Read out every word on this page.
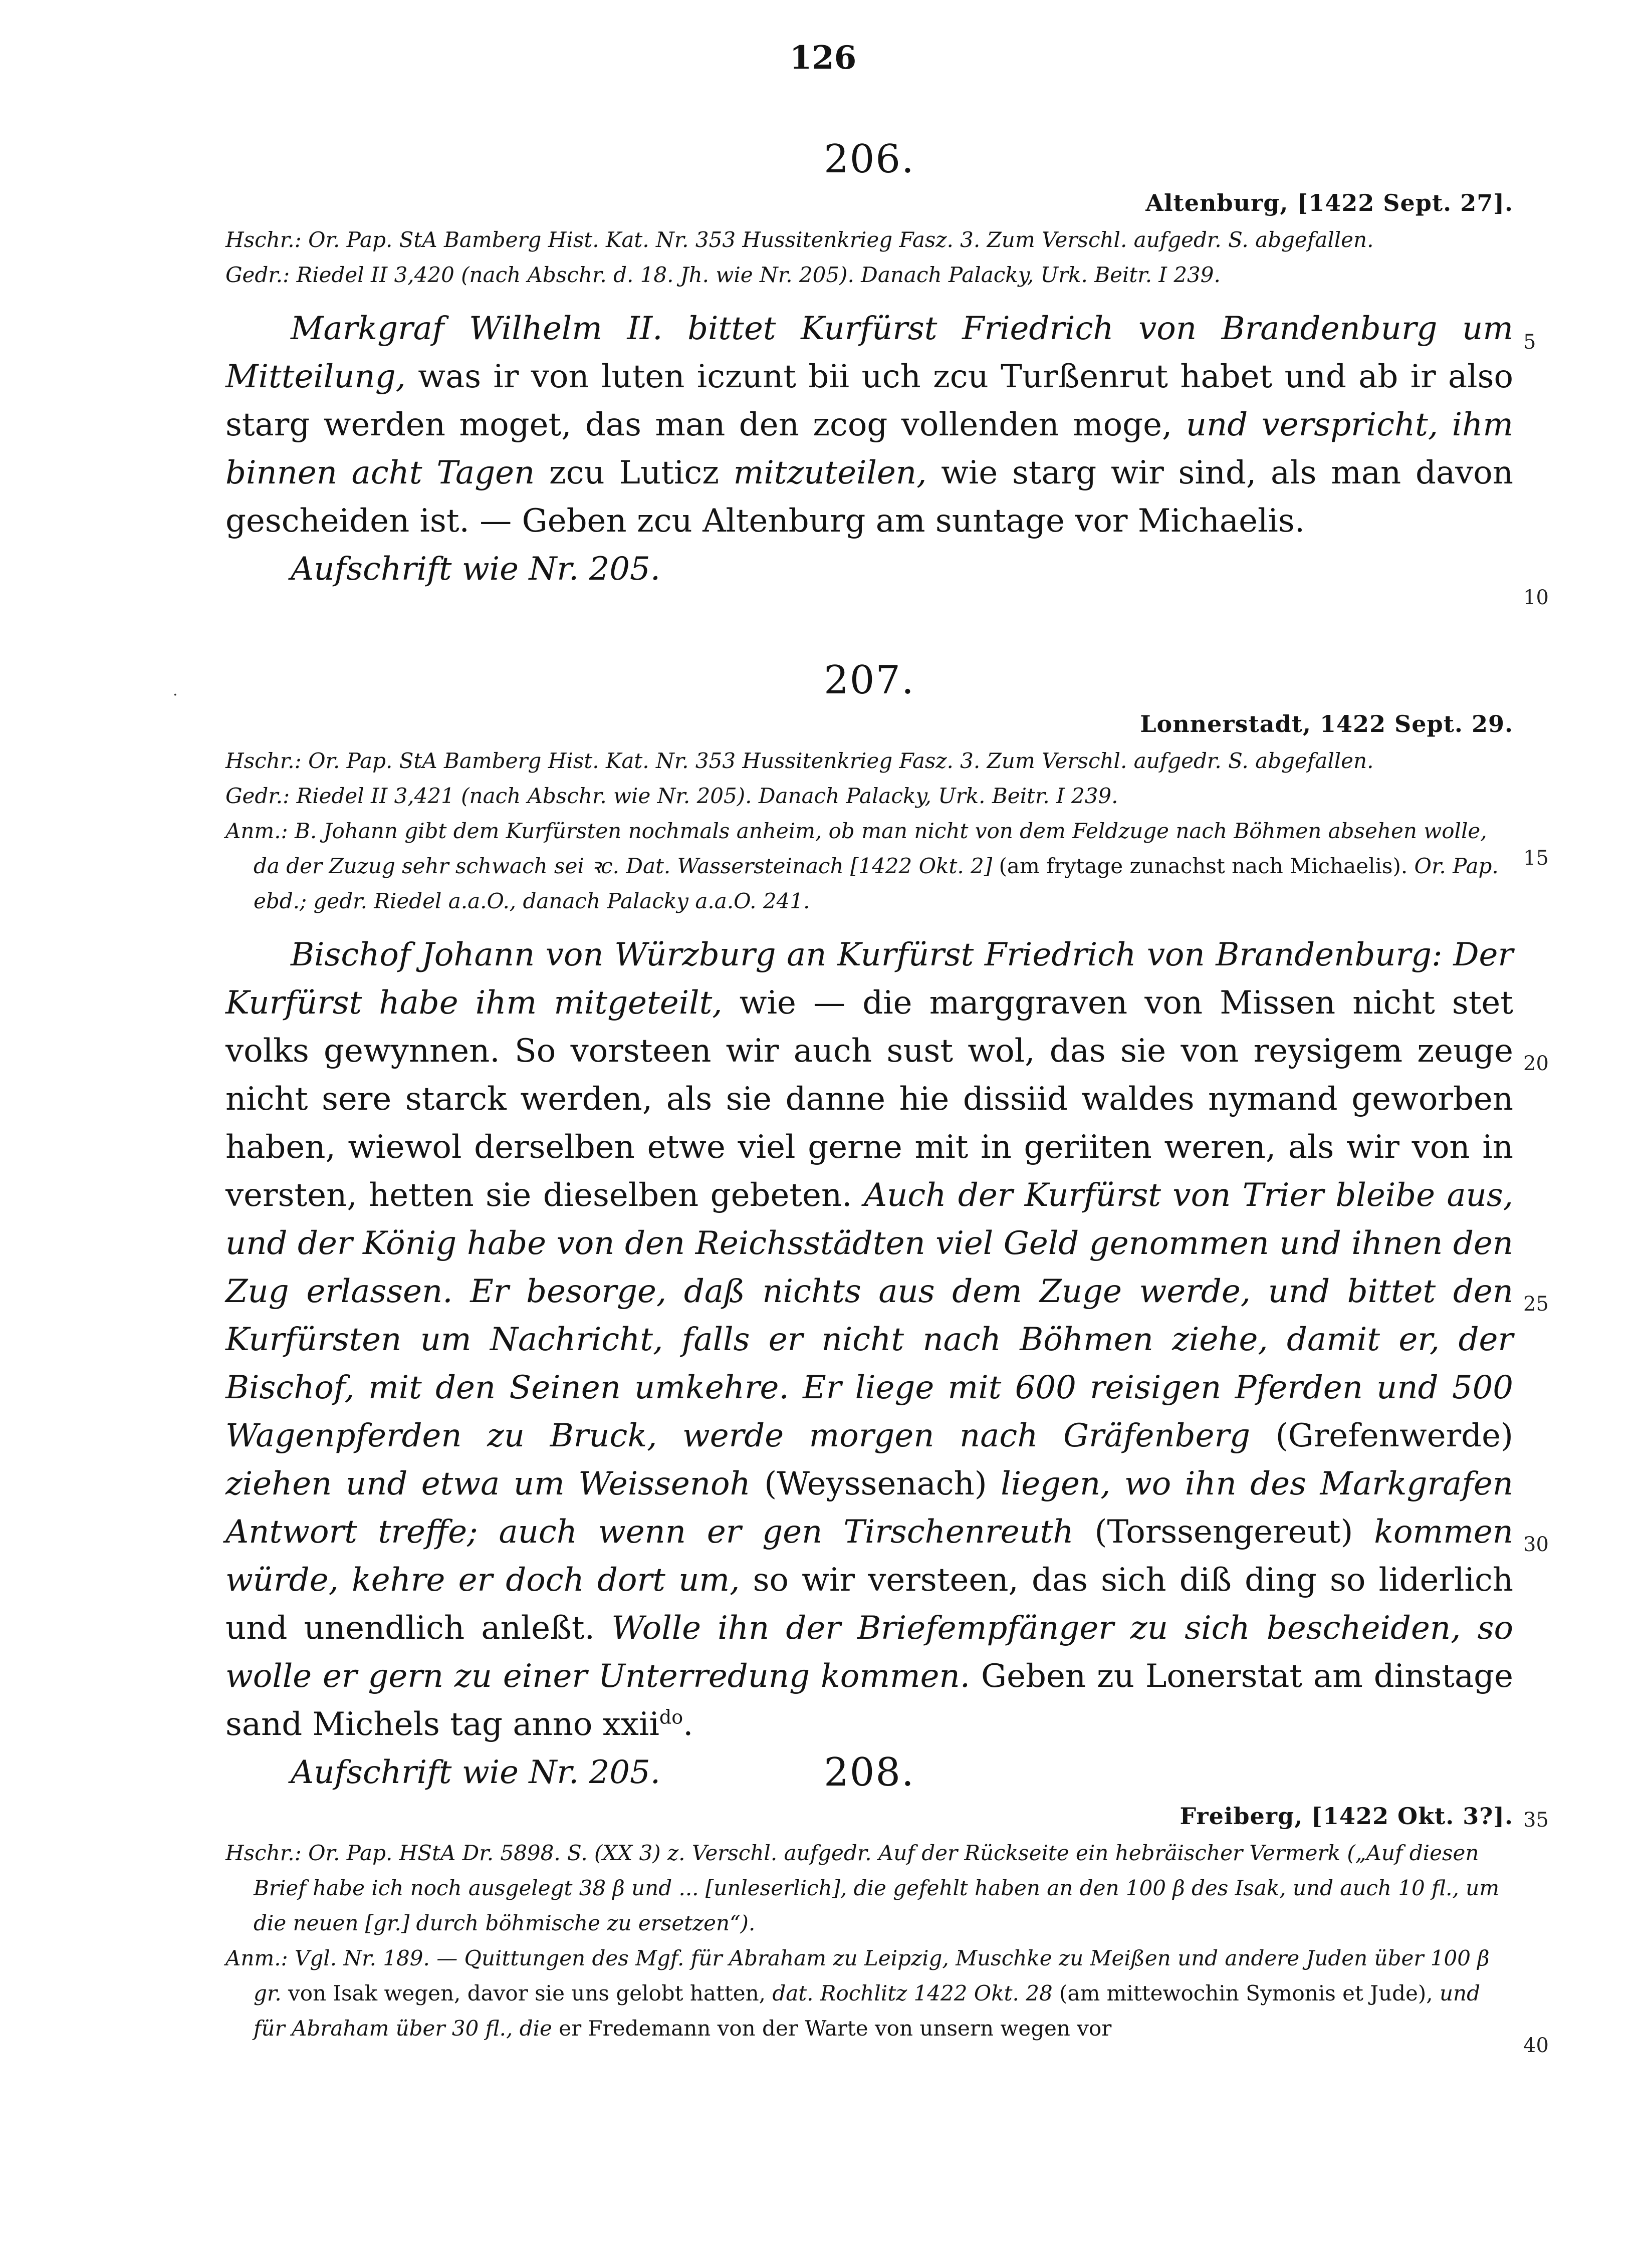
126
206.
Altenburg, [1422 Sept. 27].

Hschr.: Or. Pap. StA Bamberg Hist. Kat. Nr. 353 Hussitenkrieg Fasz. 3. Zum Verschl. aufgedr. S. abgefallen.

Gedr.: Riedel II 3,420 (nach Abschr. d. 18. Jh. wie Nr. 205). Danach Palacky, Urk. Beitr. I 239.

Markgraf Wilhelm II. bittet Kurfürst Friedrich von Brandenburg um Mitteilung, was ir von luten iczunt bii uch zcu Turßenrut habet und ab ir also starg werden moget, das man den zcog vollenden moge, und verspricht, ihm binnen acht Tagen zcu Luticz mitzuteilen, wie starg wir sind, als man davon gescheiden ist. — Geben zcu Altenburg am suntage vor Michaelis.

Aufschrift wie Nr. 205.

·	207.
Lonnerstadt, 1422 Sept. 29.

Hschr.: Or. Pap. StA Bamberg Hist. Kat. Nr. 353 Hussitenkrieg Fasz. 3. Zum Verschl. aufgedr. S. abgefallen.

Gedr.: Riedel II 3,421 (nach Abschr. wie Nr. 205). Danach Palacky, Urk. Beitr. I 239.

Anm.: B. Johann gibt dem Kurfürsten nochmals anheim, ob man nicht von dem Feldzuge nach Böhmen absehen wolle, da der Zuzug sehr schwach sei ꝛc. Dat. Wassersteinach [1422 Okt. 2] (am frytage zunachst nach Michaelis). Or. Pap. ebd.; gedr. Riedel a.a.O., danach Palacky a.a.O. 241.

Bischof Johann von Würzburg an Kurfürst Friedrich von Brandenburg: Der Kurfürst habe ihm mitgeteilt, wie — die marggraven von Missen nicht stet volks gewynnen. So vorsteen wir auch sust wol, das sie von reysigem zeuge nicht sere starck werden, als sie danne hie dissiid waldes nymand geworben haben, wiewol derselben etwe viel gerne mit in geriiten weren, als wir von in versten, hetten sie dieselben gebeten. Auch der Kurfürst von Trier bleibe aus, und der König habe von den Reichsstädten viel Geld genommen und ihnen den Zug erlassen. Er besorge, daß nichts aus dem Zuge werde, und bittet den Kurfürsten um Nachricht, falls er nicht nach Böhmen ziehe, damit er, der Bischof, mit den Seinen umkehre. Er liege mit 600 reisigen Pferden und 500 Wagenpferden zu Bruck, werde morgen nach Gräfenberg (Grefenwerde) ziehen und etwa um Weissenoh (Weyssenach) liegen, wo ihn des Markgrafen Antwort treffe; auch wenn er gen Tirschenreuth (Torssengereut) kommen würde, kehre er doch dort um, so wir versteen, das sich diß ding so liderlich und unendlich anleßt. Wolle ihn der Briefempfänger zu sich bescheiden, so wolle er gern zu einer Unterredung kommen. Geben zu Lonerstat am dinstage sand Michels tag anno xxii$^{do}$.

Aufschrift wie Nr. 205.	208.
Freiberg, [1422 Okt. 3?].

Hschr.: Or. Pap. HStA Dr. 5898. S. (XX 3) z. Verschl. aufgedr. Auf der Rückseite ein hebräischer Vermerk („Auf diesen Brief habe ich noch ausgelegt 38 β und ... [unleserlich], die gefehlt haben an den 100 β des Isak, und auch 10 fl., um die neuen [gr.] durch böhmische zu ersetzen“).

Anm.: Vgl. Nr. 189. — Quittungen des Mgf. für Abraham zu Leipzig, Muschke zu Meißen und andere Juden über 100 β gr. von Isak wegen, davor sie uns gelobt hatten, dat. Rochlitz 1422 Okt. 28 (am mittewochin Symonis et Jude), und für Abraham über 30 fl., die er Fredemann von der Warte von unsern wegen vor

5
10
15
20
25
30
35
40
